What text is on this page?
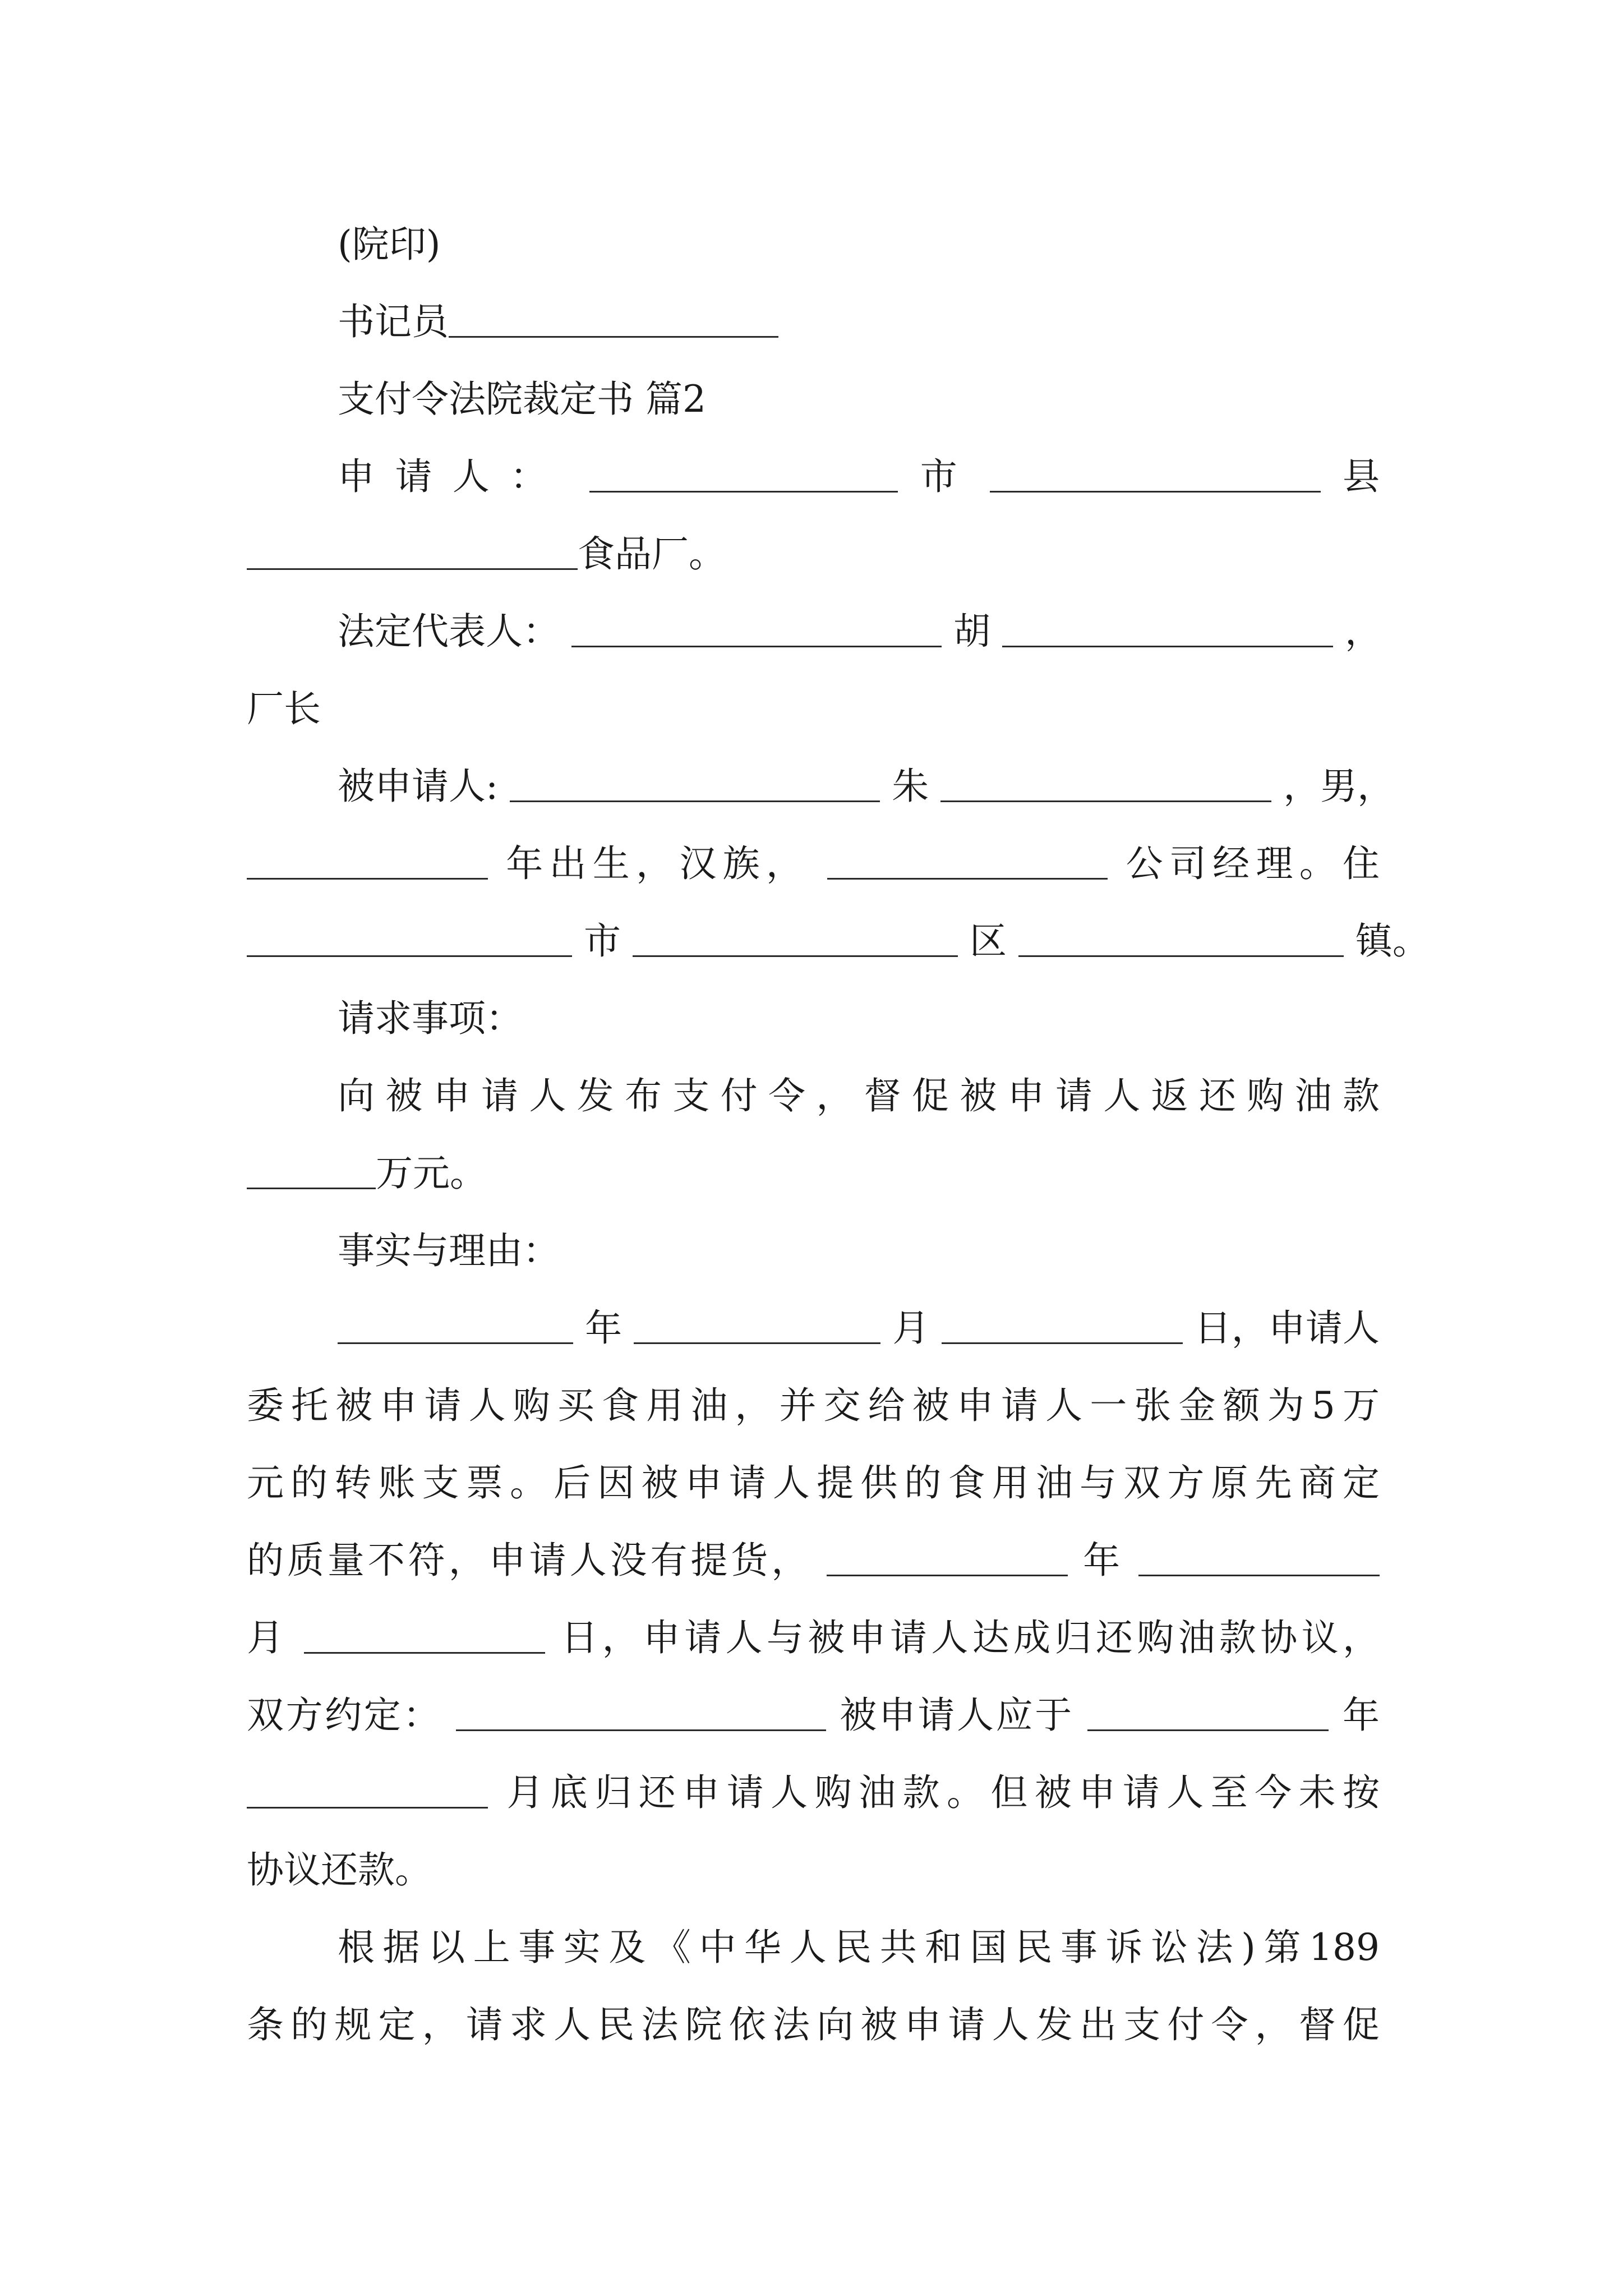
(院印)
书记员
支付令法院裁定书 篇2
申请人：	市	县
食品厂。
法定代表人：	胡	，
厂长
被申请人:	朱	，男，
年出生，汉族，	公司经理。住
市	区	镇。
请求事项：
向被申请人发布支付令，督促被申请人返还购油款
万元。
事实与理由：
年	月	日，申请人
委托被申请人购买食用油，并交给被申请人一张金额为5万
元的转账支票。后因被申请人提供的食用油与双方原先商定
的质量不符，申请人没有提货，	年
月	日，申请人与被申请人达成归还购油款协议，
双方约定：	被申请人应于	年
月底归还申请人购油款。但被申请人至今未按
协议还款。
根据以上事实及《中华人民共和国民事诉讼法)第189
条的规定，请求人民法院依法向被申请人发出支付令，督促
